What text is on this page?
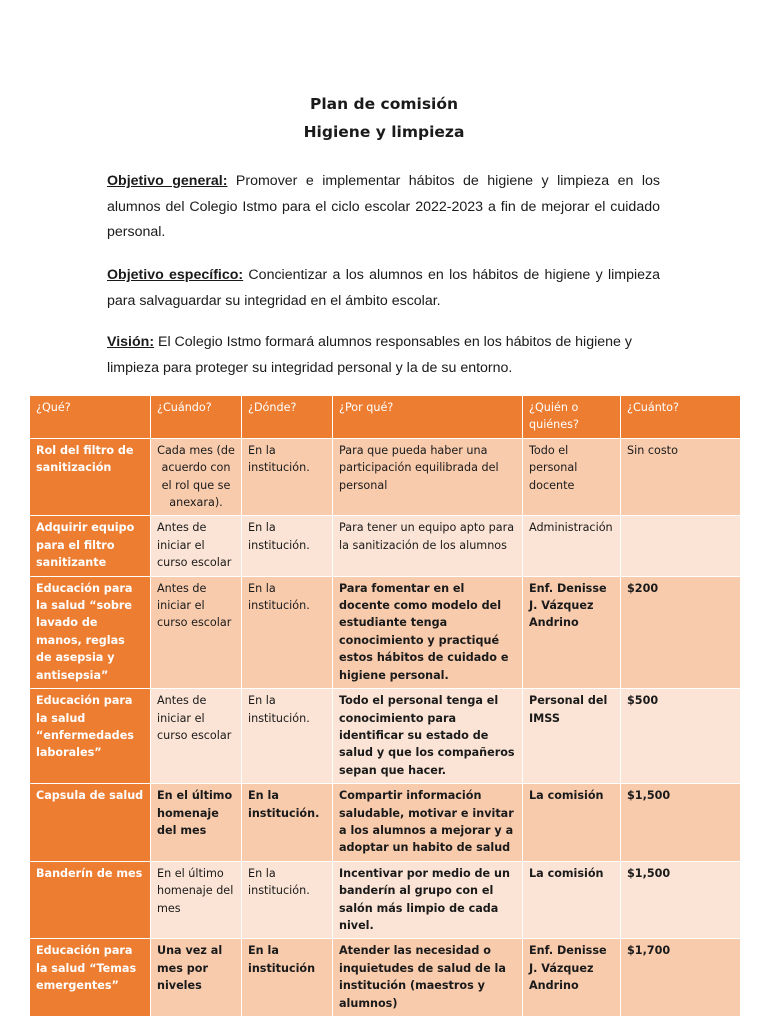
Plan de comisión
Higiene y limpieza
Objetivo general: Promover e implementar hábitos de higiene y limpieza en los alumnos del Colegio Istmo para el ciclo escolar 2022-2023 a fin de mejorar el cuidado personal.
Objetivo específico: Concientizar a los alumnos en los hábitos de higiene y limpieza para salvaguardar su integridad en el ámbito escolar.
Visión: El Colegio Istmo formará alumnos responsables en los hábitos de higiene y limpieza para proteger su integridad personal y la de su entorno.
¿Qué?	¿Cuándo?	¿Dónde?	¿Por qué?	¿Quién o quiénes?	¿Cuánto?
Rol del filtro de sanitización	Cada mes (de acuerdo con el rol que se anexara).	En la institución.	Para que pueda haber una participación equilibrada del personal	Todo el personal docente	Sin costo
Adquirir equipo para el filtro sanitizante	Antes de iniciar el curso escolar	En la institución.	Para tener un equipo apto para la sanitización de los alumnos	Administración	
Educación para la salud “sobre lavado de manos, reglas de asepsia y antisepsia”	Antes de iniciar el curso escolar	En la institución.	Para fomentar en el docente como modelo del estudiante tenga conocimiento y practiqué estos hábitos de cuidado e higiene personal.	Enf. Denisse J. Vázquez Andrino	$200
Educación para la salud “enfermedades laborales”	Antes de iniciar el curso escolar	En la institución.	Todo el personal tenga el conocimiento para identificar su estado de salud y que los compañeros sepan que hacer.	Personal del IMSS	$500
Capsula de salud	En el último homenaje del mes	En la institución.	Compartir información saludable, motivar e invitar a los alumnos a mejorar y a adoptar un habito de salud	La comisión	$1,500
Banderín de mes	En el último homenaje del mes	En la institución.	Incentivar por medio de un banderín al grupo con el salón más limpio de cada nivel.	La comisión	$1,500
Educación para la salud “Temas emergentes”	Una vez al mes por niveles	En la institución	Atender las necesidad o inquietudes de salud de la institución (maestros y alumnos)	Enf. Denisse J. Vázquez Andrino	$1,700
